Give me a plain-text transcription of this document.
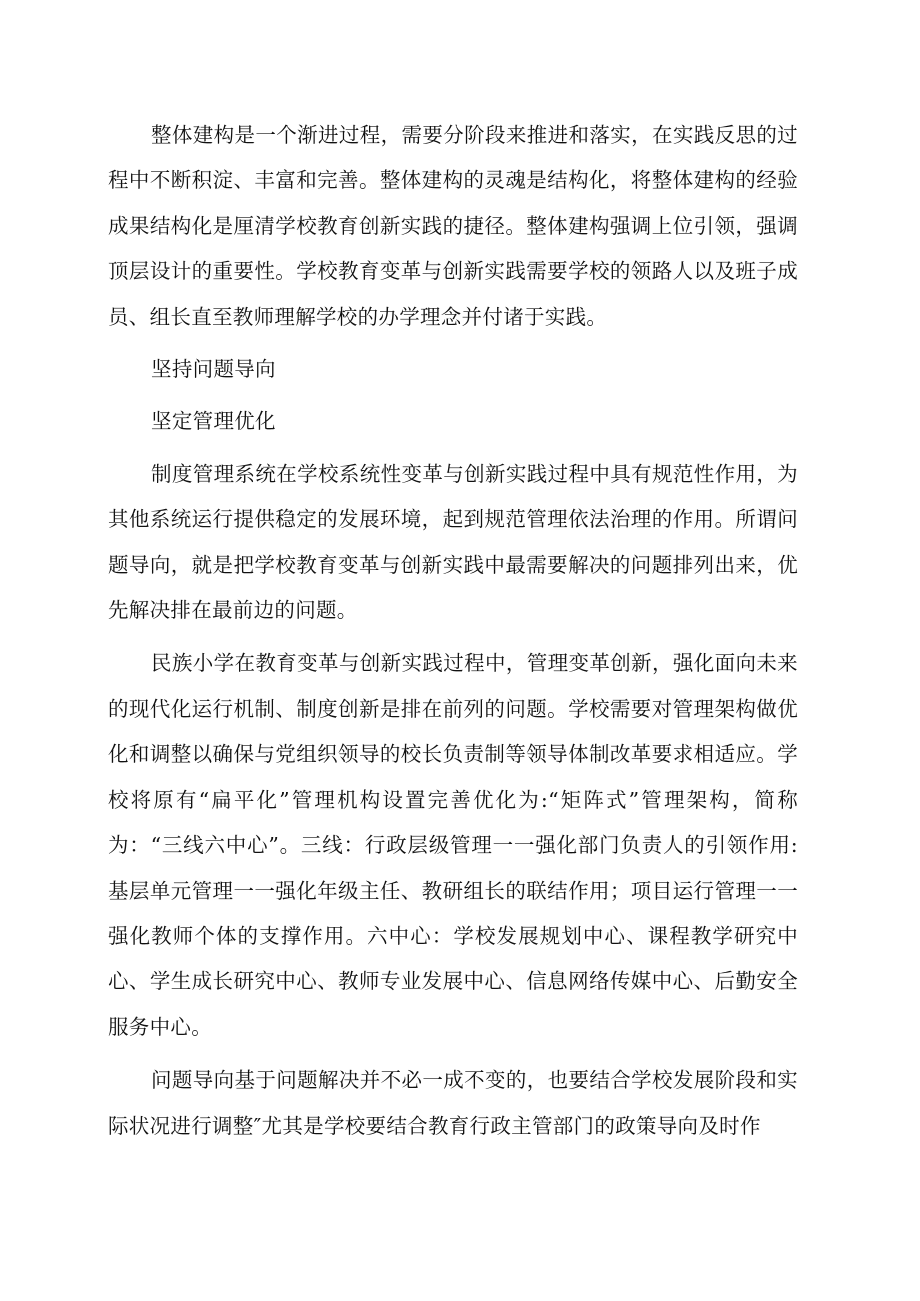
整体建构是一个渐进过程，需要分阶段来推进和落实，在实践反思的过程中不断积淀、丰富和完善。整体建构的灵魂是结构化，将整体建构的经验成果结构化是厘清学校教育创新实践的捷径。整体建构强调上位引领，强调顶层设计的重要性。学校教育变革与创新实践需要学校的领路人以及班子成员、组长直至教师理解学校的办学理念并付诸于实践。

坚持问题导向

坚定管理优化

制度管理系统在学校系统性变革与创新实践过程中具有规范性作用，为其他系统运行提供稳定的发展环境，起到规范管理依法治理的作用。所谓问题导向，就是把学校教育变革与创新实践中最需要解决的问题排列出来，优先解决排在最前边的问题。

民族小学在教育变革与创新实践过程中，管理变革创新，强化面向未来的现代化运行机制、制度创新是排在前列的问题。学校需要对管理架构做优化和调整以确保与党组织领导的校长负责制等领导体制改革要求相适应。学校将原有“扁平化”管理机构设置完善优化为:“矩阵式”管理架构，简称为：“三线六中心”。三线：行政层级管理一一强化部门负责人的引领作用:基层单元管理一一强化年级主任、教研组长的联结作用；项目运行管理一一强化教师个体的支撑作用。六中心：学校发展规划中心、课程教学研究中心、学生成长研究中心、教师专业发展中心、信息网络传媒中心、后勤安全服务中心。

问题导向基于问题解决并不必一成不变的，也要结合学校发展阶段和实际状况进行调整″尤其是学校要结合教育行政主管部门的政策导向及时作
